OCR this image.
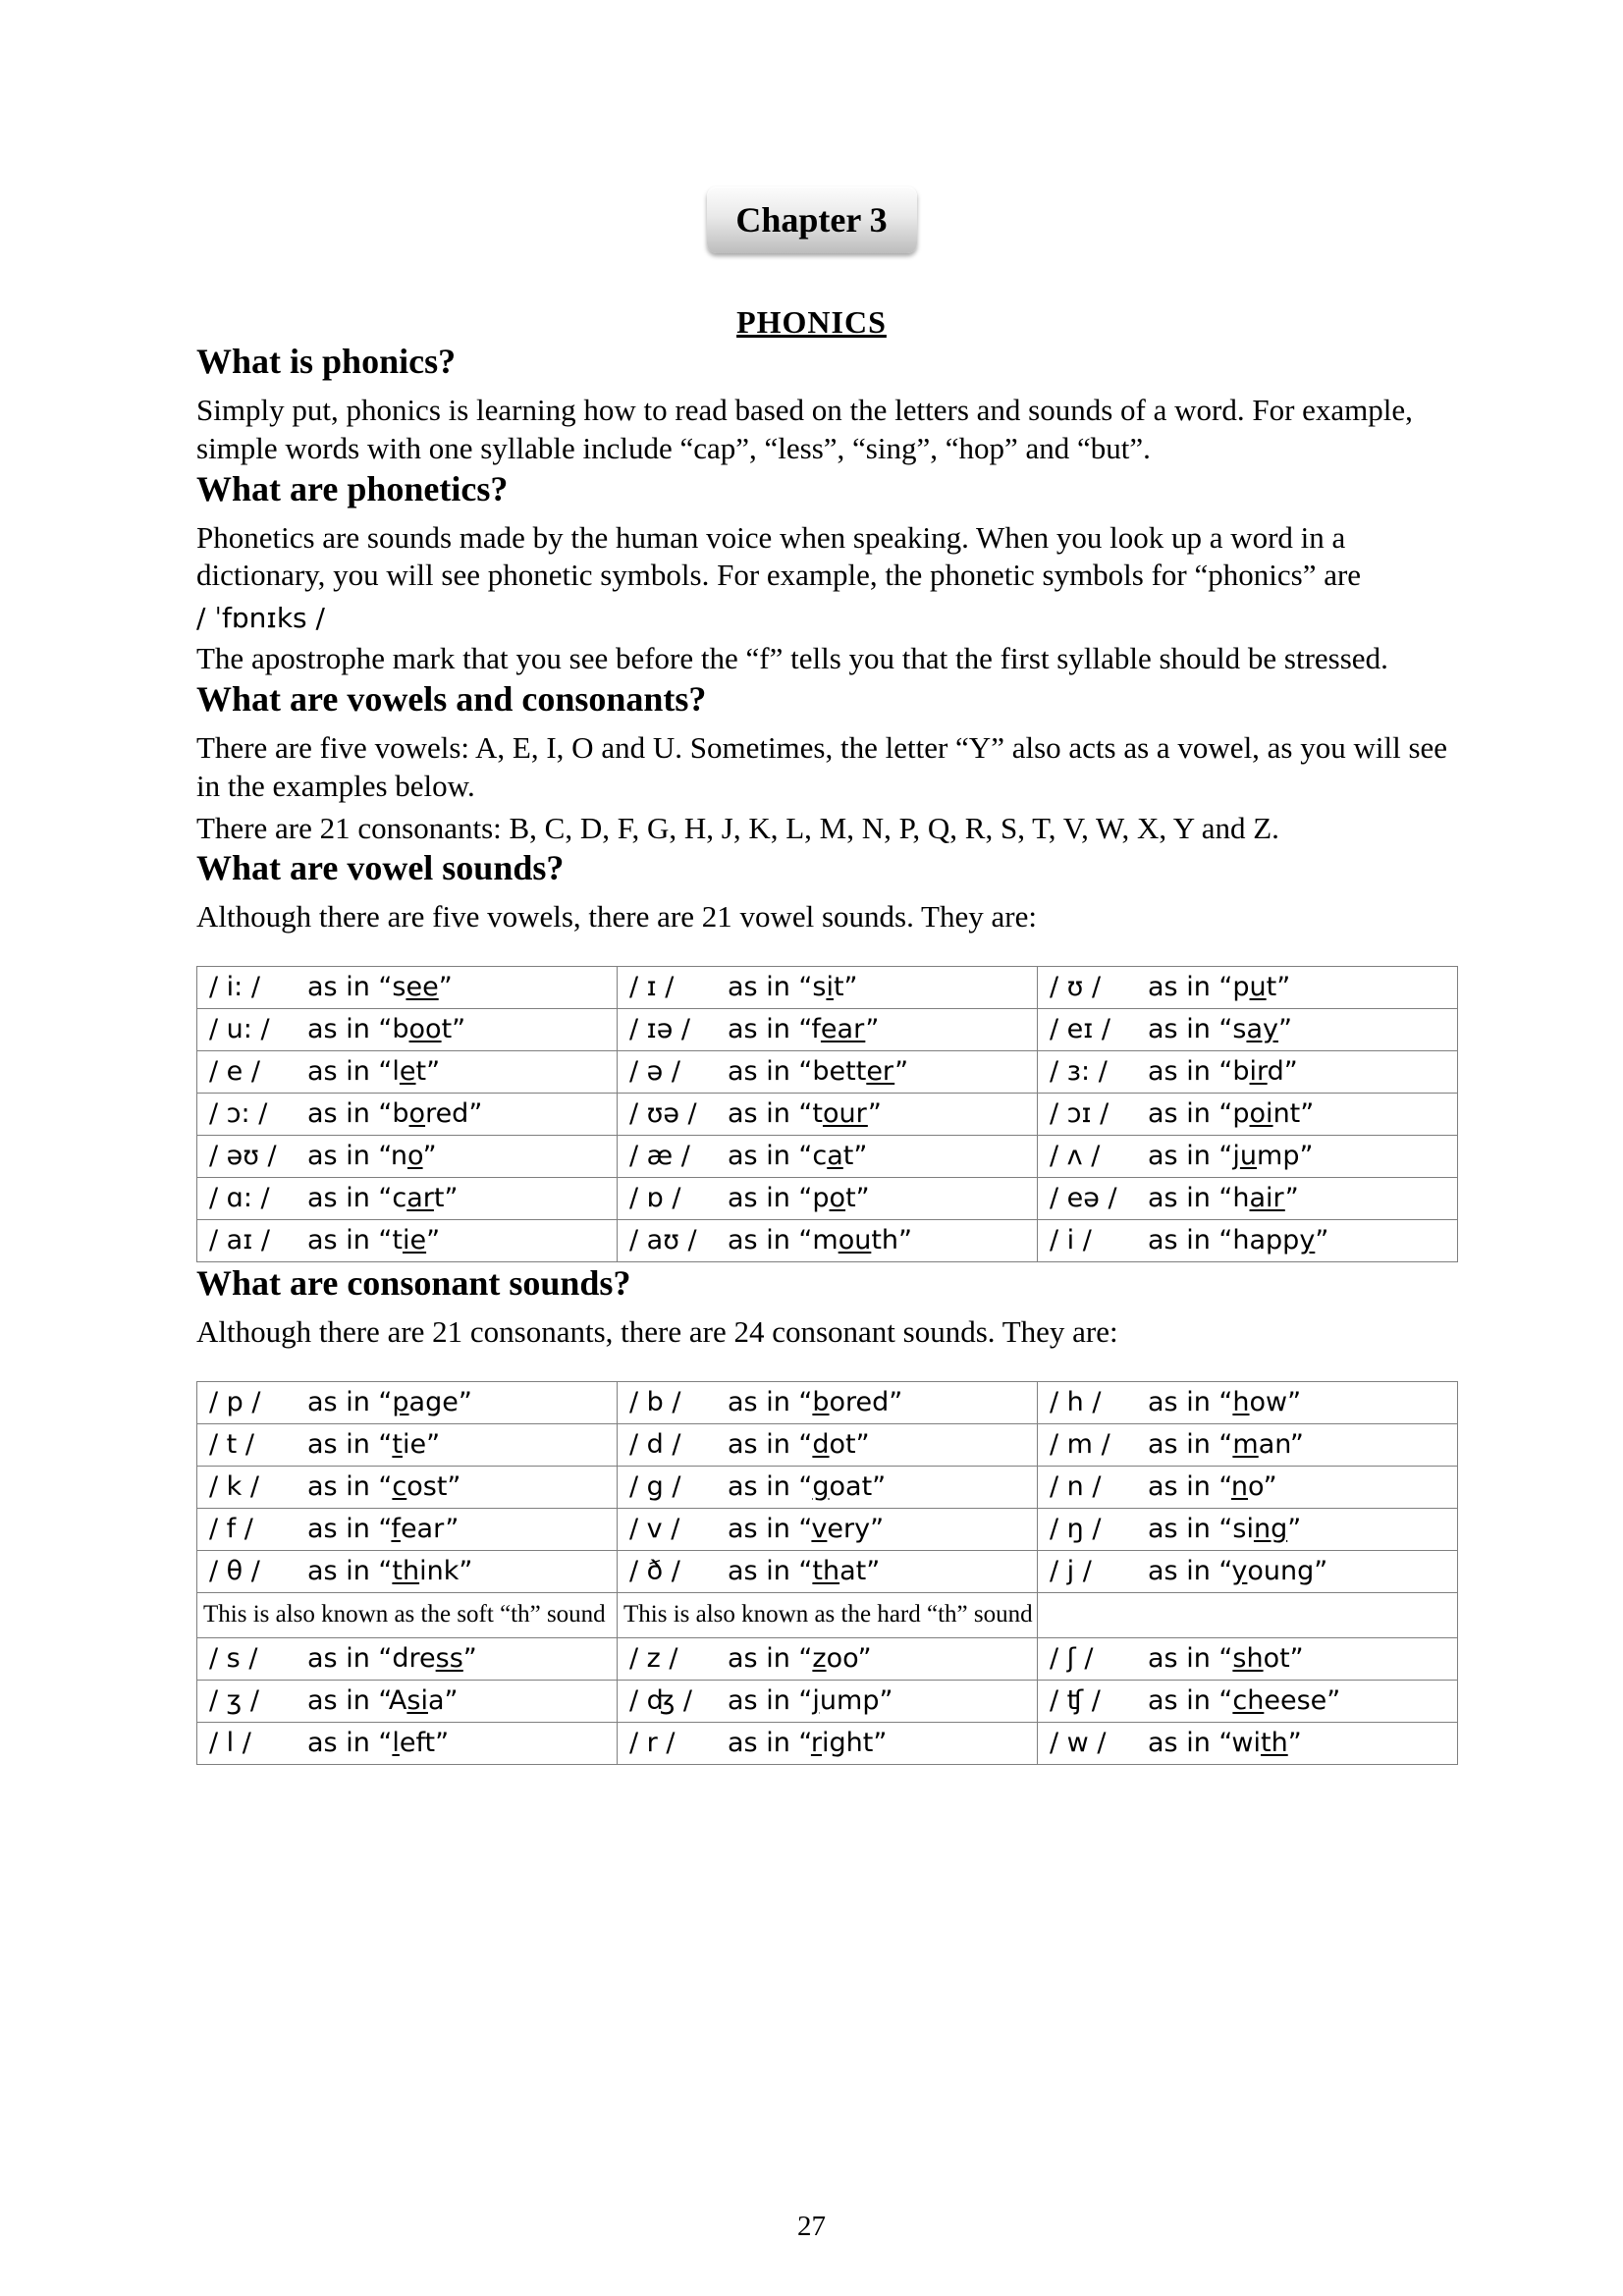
Chapter 3
PHONICS
What is phonics?

Simply put, phonics is learning how to read based on the letters and sounds of a word. For example, simple words with one syllable include “cap”, “less”, “sing”, “hop” and “but”.

What are phonetics?

Phonetics are sounds made by the human voice when speaking. When you look up a word in a dictionary, you will see phonetic symbols. For example, the phonetic symbols for “phonics” are

/ ˈfɒnɪks /

The apostrophe mark that you see before the “f” tells you that the first syllable should be stressed.

What are vowels and consonants?

There are five vowels: A, E, I, O and U. Sometimes, the letter “Y” also acts as a vowel, as you will see in the examples below.

There are 21 consonants: B, C, D, F, G, H, J, K, L, M, N, P, Q, R, S, T, V, W, X, Y and Z.

What are vowel sounds?

Although there are five vowels, there are 21 vowel sounds. They are:

/ i: / as in “see”	/ ɪ / as in “sit”	/ ʊ / as in “put”
/ u: / as in “boot”	/ ɪə / as in “fear”	/ eɪ / as in “say”
/ e / as in “let”	/ ə / as in “better”	/ ɜ: / as in “bird”
/ ɔ: / as in “bored”	/ ʊə / as in “tour”	/ ɔɪ / as in “point”
/ əʊ / as in “no”	/ æ / as in “cat”	/ ʌ / as in “jump”
/ ɑ: / as in “cart”	/ ɒ / as in “pot”	/ eə / as in “hair”
/ aɪ / as in “tie”	/ aʊ / as in “mouth”	/ i / as in “happy”
What are consonant sounds?

Although there are 21 consonants, there are 24 consonant sounds. They are:

/ p / as in “page”	/ b / as in “bored”	/ h / as in “how”
/ t / as in “tie”	/ d / as in “dot”	/ m / as in “man”
/ k / as in “cost”	/ g / as in “goat”	/ n / as in “no”
/ f / as in “fear”	/ v / as in “very”	/ ŋ / as in “sing”
/ θ / as in “think”	/ ð / as in “that”	/ j / as in “young”
This is also known as the soft “th” sound	This is also known as the hard “th” sound	
/ s / as in “dress”	/ z / as in “zoo”	/ ʃ / as in “shot”
/ ʒ / as in “Asia”	/ ʤ / as in “jump”	/ ʧ / as in “cheese”
/ l / as in “left”	/ r / as in “right”	/ w / as in “with”
27
